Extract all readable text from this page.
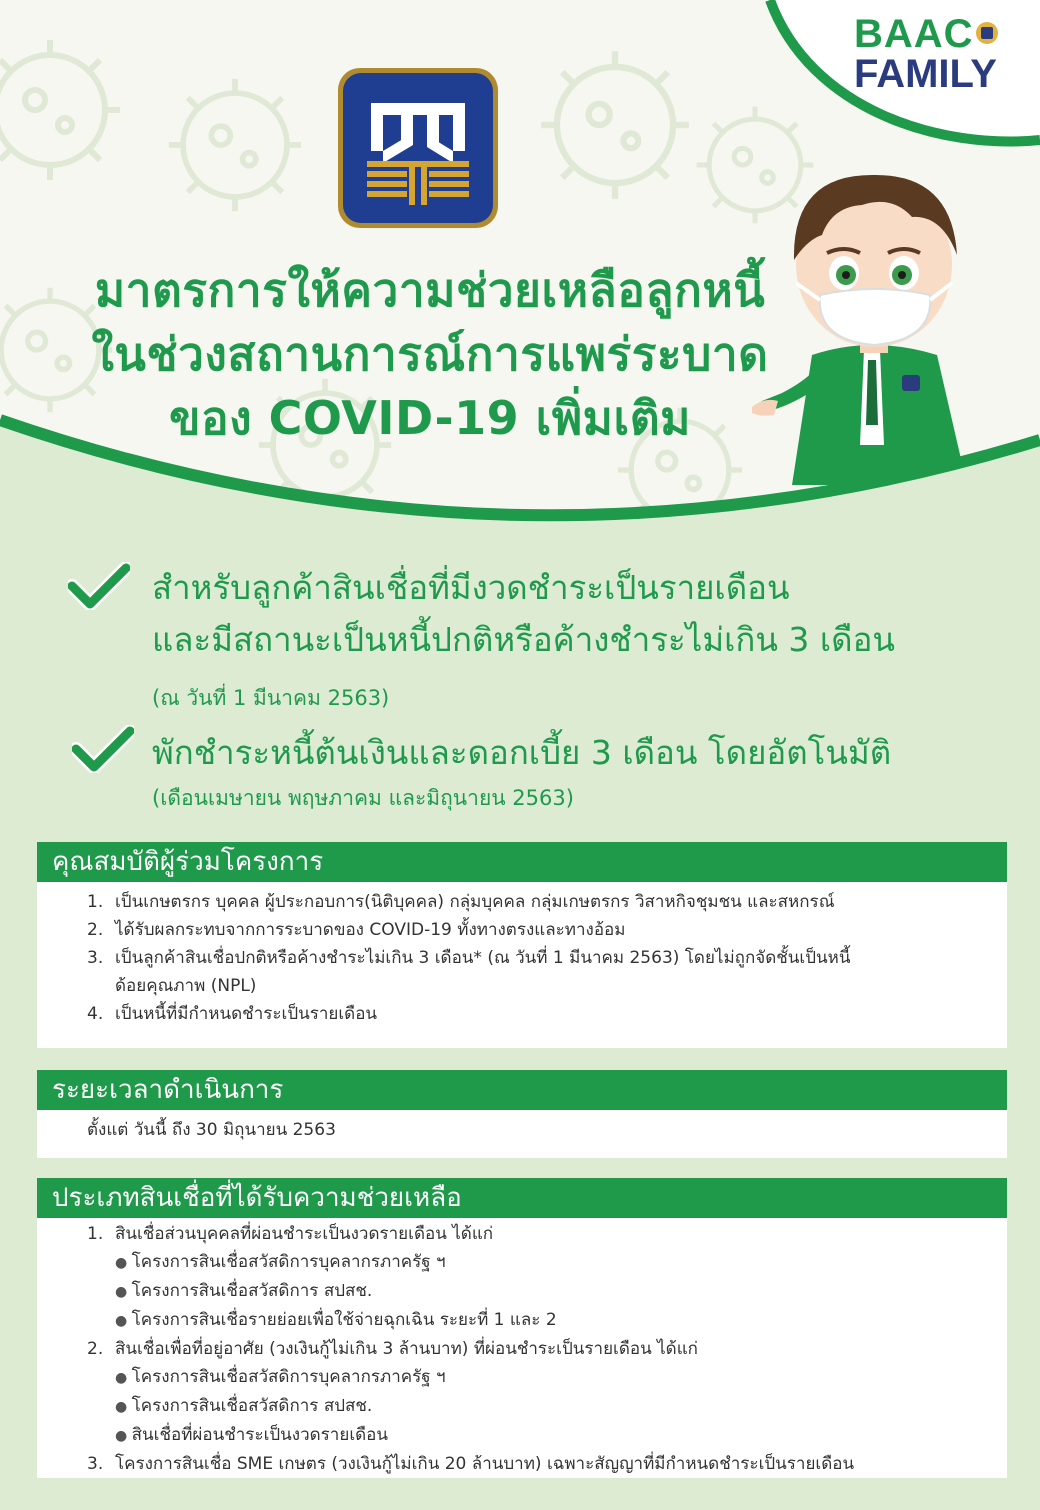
BAAC
FAMILY
มาตรการให้ความช่วยเหลือลูกหนี้
ในช่วงสถานการณ์การแพร่ระบาด
ของ COVID-19 เพิ่มเติม
สำหรับลูกค้าสินเชื่อที่มีงวดชำระเป็นรายเดือน
และมีสถานะเป็นหนี้ปกติหรือค้างชำระไม่เกิน 3 เดือน
(ณ วันที่ 1 มีนาคม 2563)
พักชำระหนี้ต้นเงินและดอกเบี้ย 3 เดือน โดยอัตโนมัติ
(เดือนเมษายน พฤษภาคม และมิถุนายน 2563)
คุณสมบัติผู้ร่วมโครงการ
1. เป็นเกษตรกร บุคคล ผู้ประกอบการ(นิติบุคคล) กลุ่มบุคคล กลุ่มเกษตรกร วิสาหกิจชุมชน และสหกรณ์
2. ได้รับผลกระทบจากการระบาดของ COVID-19 ทั้งทางตรงและทางอ้อม
3. เป็นลูกค้าสินเชื่อปกติหรือค้างชำระไม่เกิน 3 เดือน* (ณ วันที่ 1 มีนาคม 2563) โดยไม่ถูกจัดชั้นเป็นหนี้
ด้อยคุณภาพ (NPL)
4. เป็นหนี้ที่มีกำหนดชำระเป็นรายเดือน
ระยะเวลาดำเนินการ
ตั้งแต่ วันนี้ ถึง 30 มิถุนายน 2563
ประเภทสินเชื่อที่ได้รับความช่วยเหลือ
1. สินเชื่อส่วนบุคคลที่ผ่อนชำระเป็นงวดรายเดือน ได้แก่
● โครงการสินเชื่อสวัสดิการบุคลากรภาครัฐ ฯ
● โครงการสินเชื่อสวัสดิการ สปสช.
● โครงการสินเชื่อรายย่อยเพื่อใช้จ่ายฉุกเฉิน ระยะที่ 1 และ 2
2. สินเชื่อเพื่อที่อยู่อาศัย (วงเงินกู้ไม่เกิน 3 ล้านบาท) ที่ผ่อนชำระเป็นรายเดือน ได้แก่
● โครงการสินเชื่อสวัสดิการบุคลากรภาครัฐ ฯ
● โครงการสินเชื่อสวัสดิการ สปสช.
● สินเชื่อที่ผ่อนชำระเป็นงวดรายเดือน
3. โครงการสินเชื่อ SME เกษตร (วงเงินกู้ไม่เกิน 20 ล้านบาท) เฉพาะสัญญาที่มีกำหนดชำระเป็นรายเดือน
